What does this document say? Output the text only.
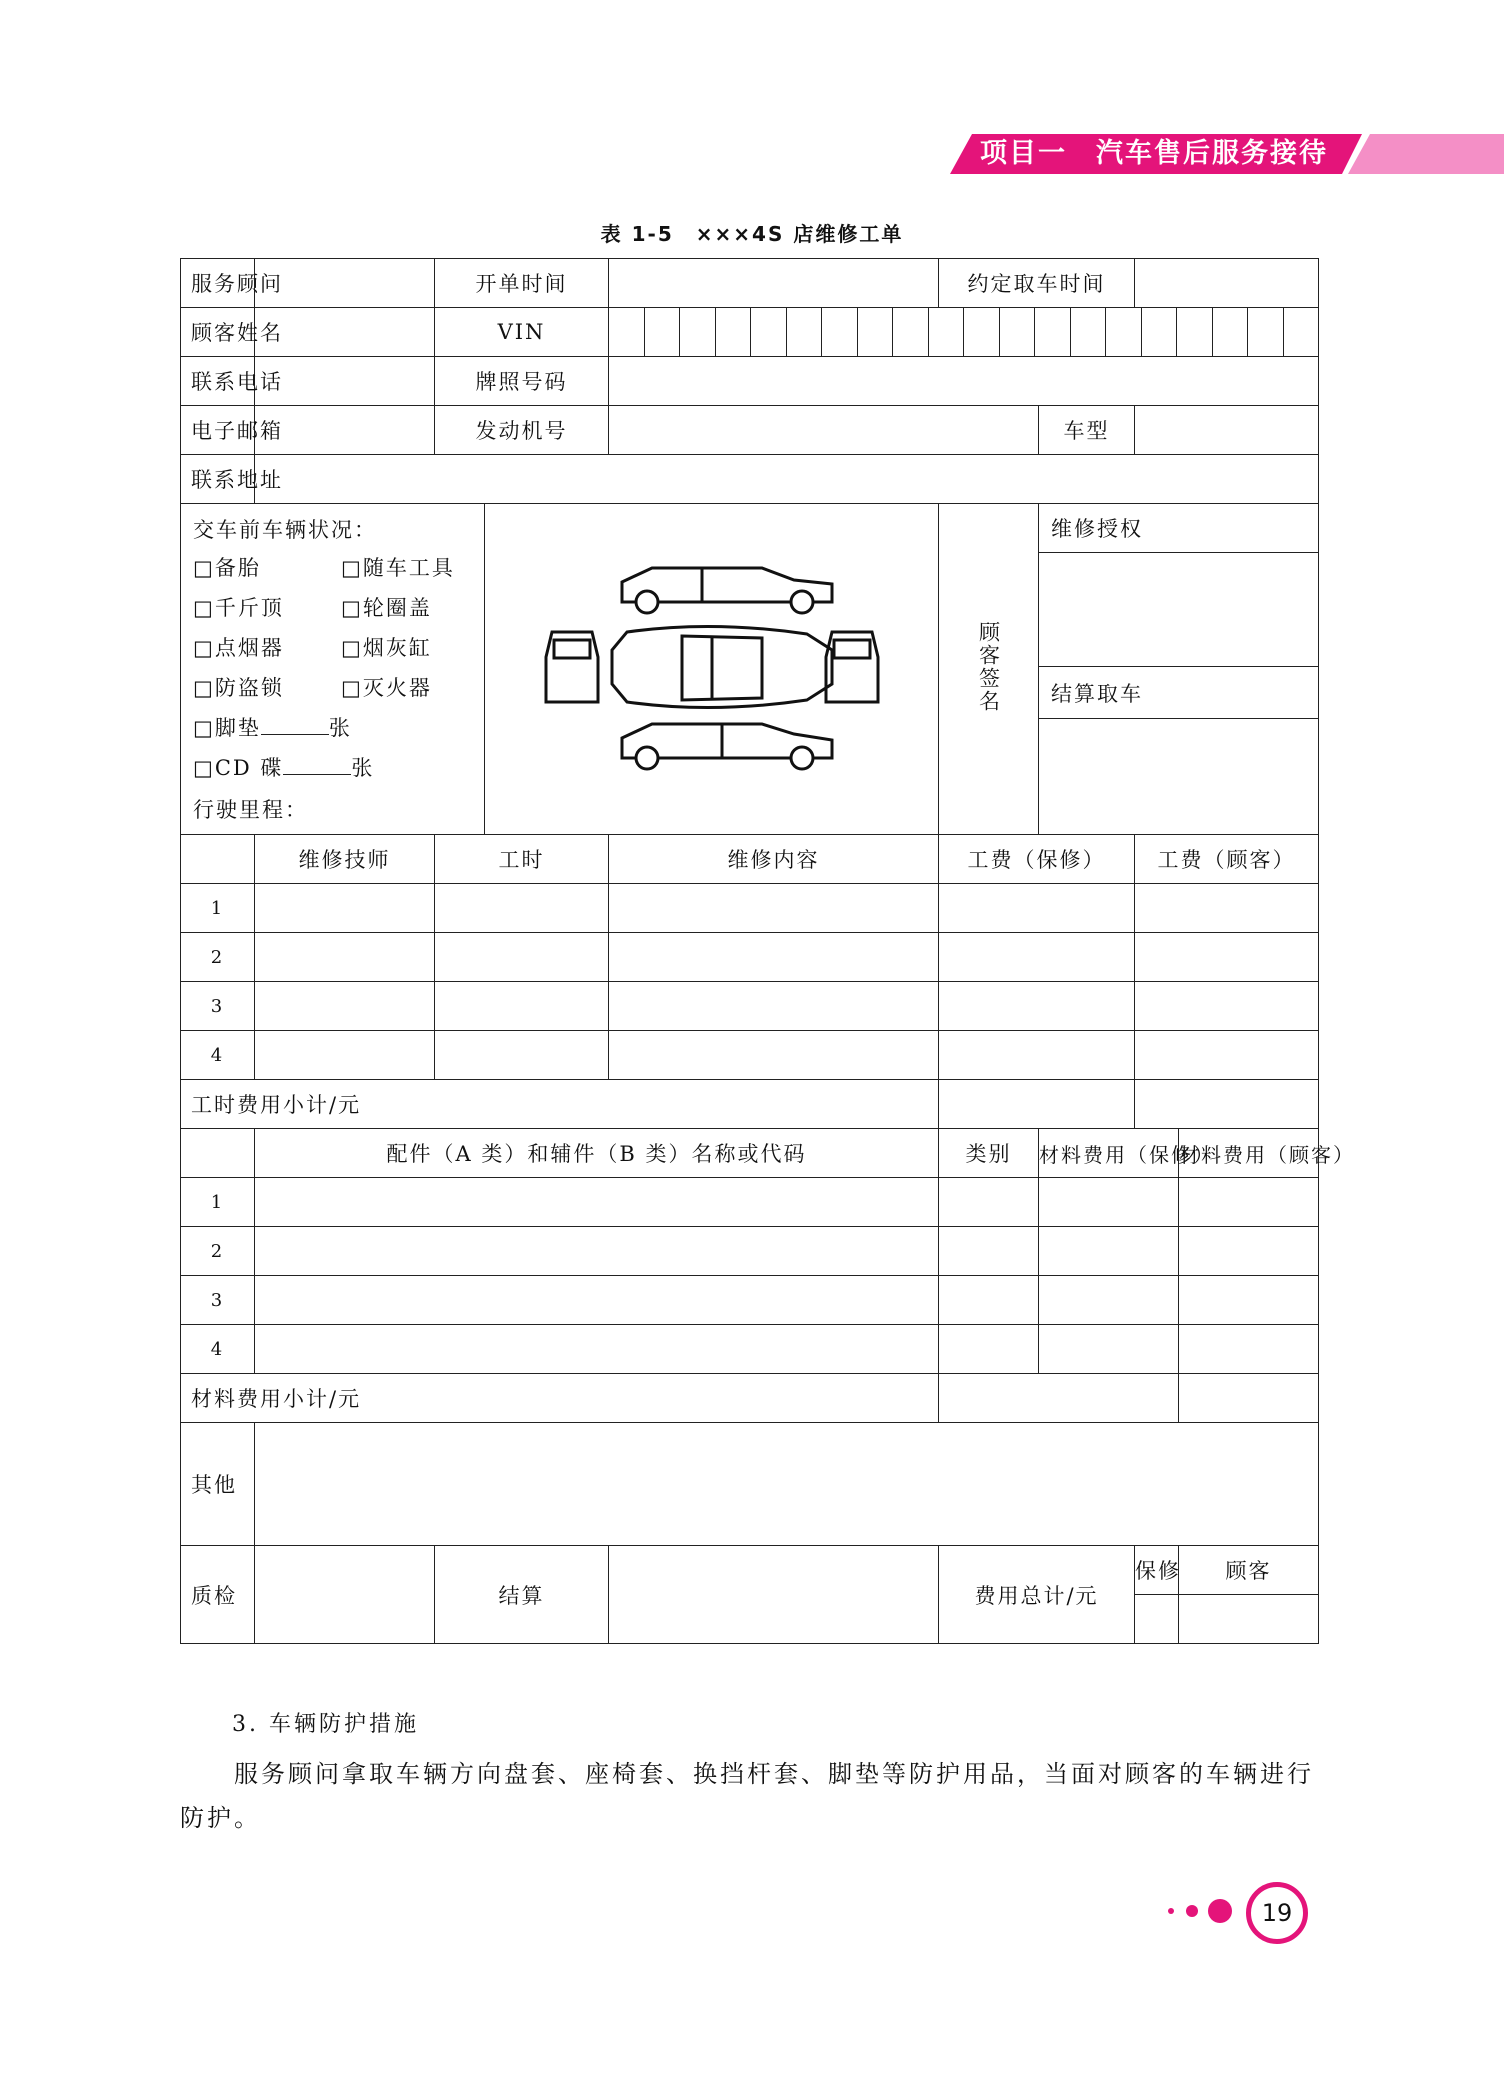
项目一　 汽车售后服务接待
表 1-5　×××4S 店维修工单
服务顾问		开单时间		约定取车时间	
顾客姓名		VIN	

联系电话		牌照号码	
电子邮箱		发动机号		车型	
联系地址	

交车前车辆状况：
□备胎	□随车工具
□千斤顶	□轮圈盖
□点烟器	□烟灰缸
□防盗锁	□灭火器
□脚垫	张
□CD 碟	张
行驶里程：
		顾客签名	
维修授权

结算取车

	维修技师	工时	维修内容	工费（保修）	工费（顾客）
1					
2					
3					
4					
工时费用小计/元		
	配件（A 类）和辅件（B 类）名称或代码	类别	材料费用（保修）	材料费用（顾客）
1				
2				
3				
4				
材料费用小计/元		
其他	
质检		结算		费用总计/元	保修	顾客

3. 车辆防护措施
服务顾问拿取车辆方向盘套、座椅套、换挡杆套、脚垫等防护用品，当面对顾客的车辆进行防护。
19
